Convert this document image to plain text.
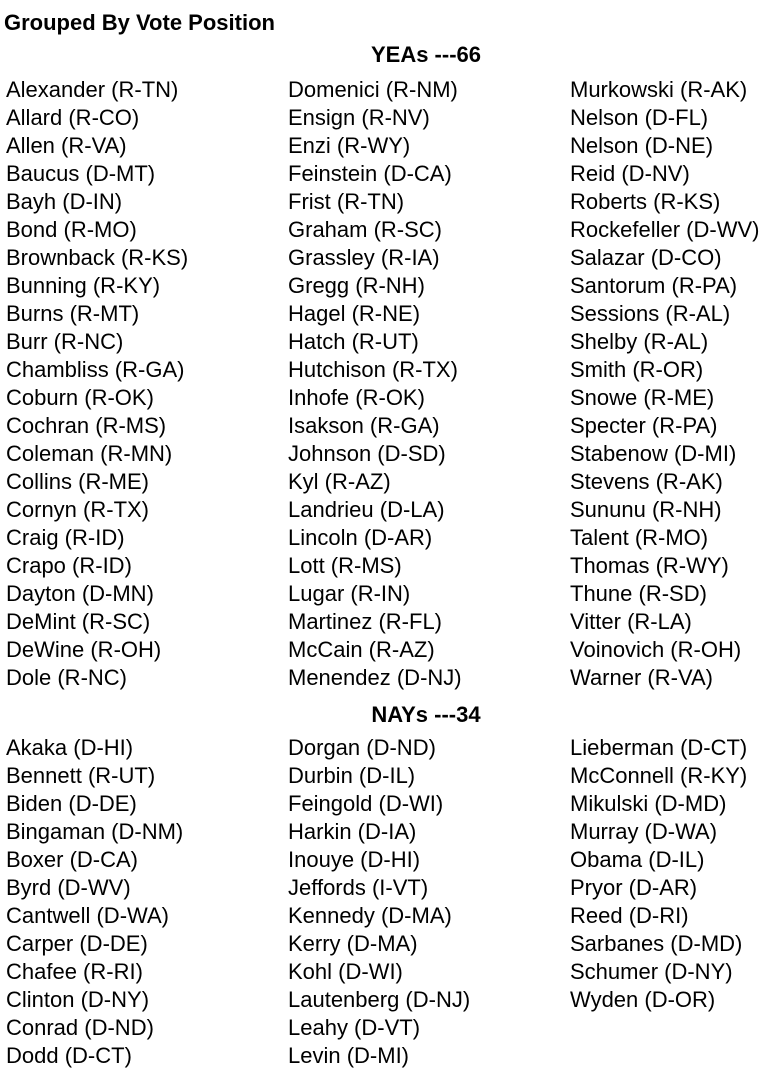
Grouped By Vote Position
YEAs ---66
Alexander (R-TN)
Allard (R-CO)
Allen (R-VA)
Baucus (D-MT)
Bayh (D-IN)
Bond (R-MO)
Brownback (R-KS)
Bunning (R-KY)
Burns (R-MT)
Burr (R-NC)
Chambliss (R-GA)
Coburn (R-OK)
Cochran (R-MS)
Coleman (R-MN)
Collins (R-ME)
Cornyn (R-TX)
Craig (R-ID)
Crapo (R-ID)
Dayton (D-MN)
DeMint (R-SC)
DeWine (R-OH)
Dole (R-NC)
Domenici (R-NM)
Ensign (R-NV)
Enzi (R-WY)
Feinstein (D-CA)
Frist (R-TN)
Graham (R-SC)
Grassley (R-IA)
Gregg (R-NH)
Hagel (R-NE)
Hatch (R-UT)
Hutchison (R-TX)
Inhofe (R-OK)
Isakson (R-GA)
Johnson (D-SD)
Kyl (R-AZ)
Landrieu (D-LA)
Lincoln (D-AR)
Lott (R-MS)
Lugar (R-IN)
Martinez (R-FL)
McCain (R-AZ)
Menendez (D-NJ)
Murkowski (R-AK)
Nelson (D-FL)
Nelson (D-NE)
Reid (D-NV)
Roberts (R-KS)
Rockefeller (D-WV)
Salazar (D-CO)
Santorum (R-PA)
Sessions (R-AL)
Shelby (R-AL)
Smith (R-OR)
Snowe (R-ME)
Specter (R-PA)
Stabenow (D-MI)
Stevens (R-AK)
Sununu (R-NH)
Talent (R-MO)
Thomas (R-WY)
Thune (R-SD)
Vitter (R-LA)
Voinovich (R-OH)
Warner (R-VA)
NAYs ---34
Akaka (D-HI)
Bennett (R-UT)
Biden (D-DE)
Bingaman (D-NM)
Boxer (D-CA)
Byrd (D-WV)
Cantwell (D-WA)
Carper (D-DE)
Chafee (R-RI)
Clinton (D-NY)
Conrad (D-ND)
Dodd (D-CT)
Dorgan (D-ND)
Durbin (D-IL)
Feingold (D-WI)
Harkin (D-IA)
Inouye (D-HI)
Jeffords (I-VT)
Kennedy (D-MA)
Kerry (D-MA)
Kohl (D-WI)
Lautenberg (D-NJ)
Leahy (D-VT)
Levin (D-MI)
Lieberman (D-CT)
McConnell (R-KY)
Mikulski (D-MD)
Murray (D-WA)
Obama (D-IL)
Pryor (D-AR)
Reed (D-RI)
Sarbanes (D-MD)
Schumer (D-NY)
Wyden (D-OR)
